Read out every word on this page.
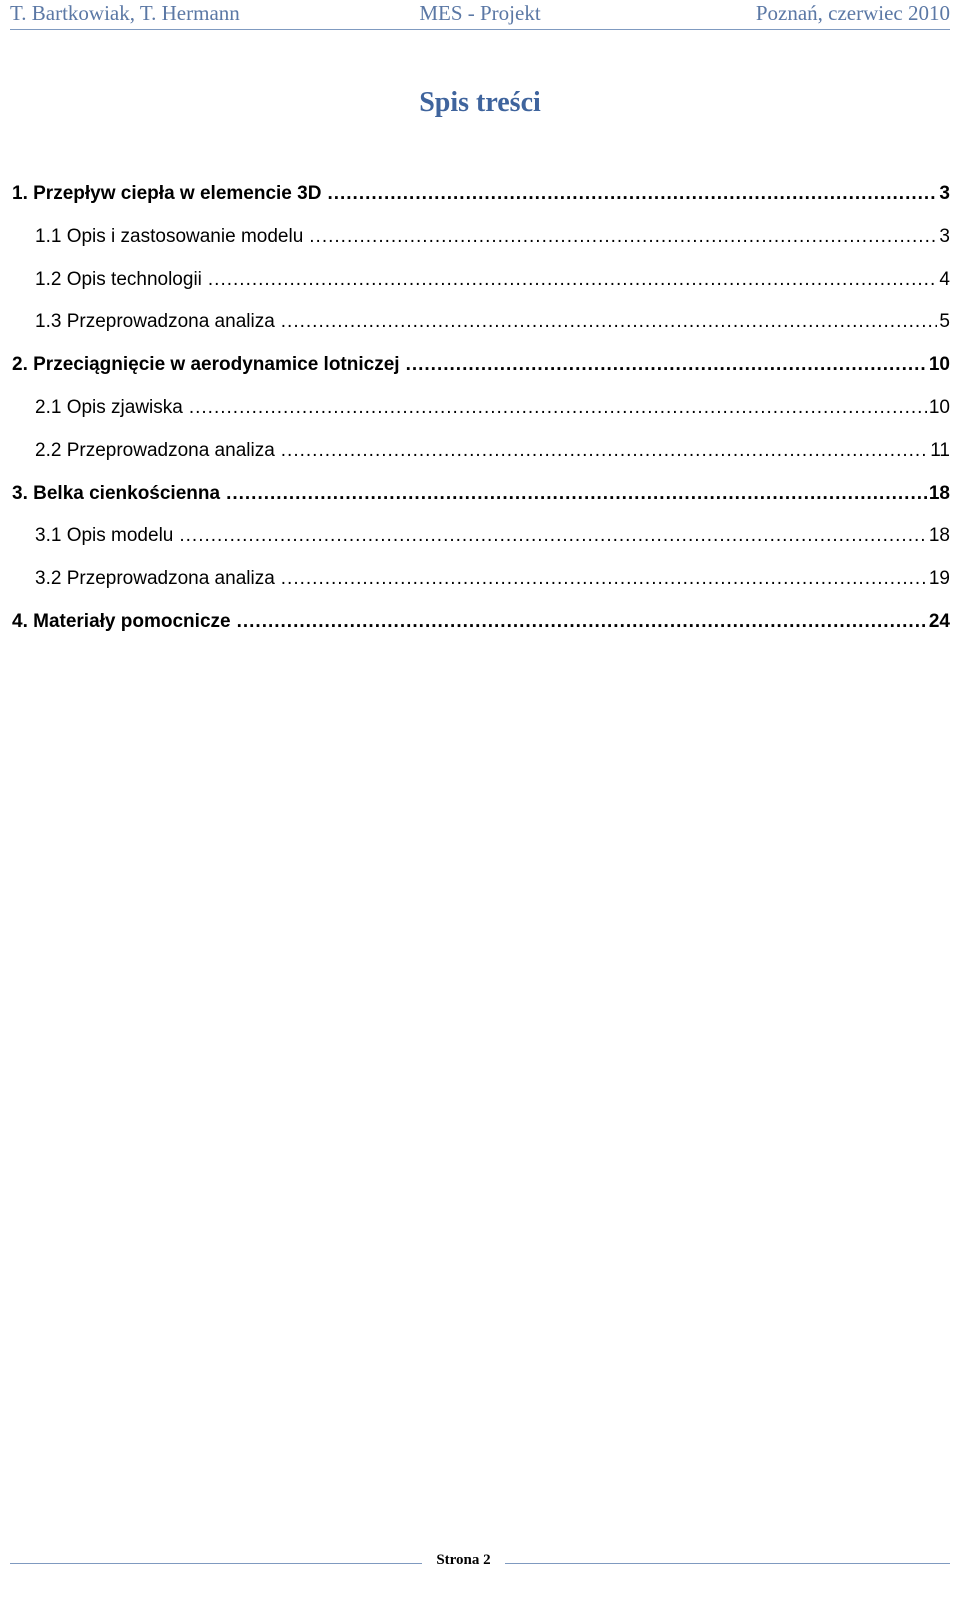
T. Bartkowiak, T. Hermann	MES - Projekt	Poznań, czerwiec 2010
Spis treści
1. Przepływ ciepła w elemencie 3D .....	3
1.1 Opis i zastosowanie modelu .....	3
1.2 Opis technologii .....	4
1.3 Przeprowadzona analiza .....	5
2. Przeciągnięcie w aerodynamice lotniczej .....	10
2.1 Opis zjawiska .....	10
2.2 Przeprowadzona analiza .....	11
3. Belka cienkościenna .....	18
3.1 Opis modelu .....	18
3.2 Przeprowadzona analiza .....	19
4. Materiały pomocnicze .....	24
Strona 2
